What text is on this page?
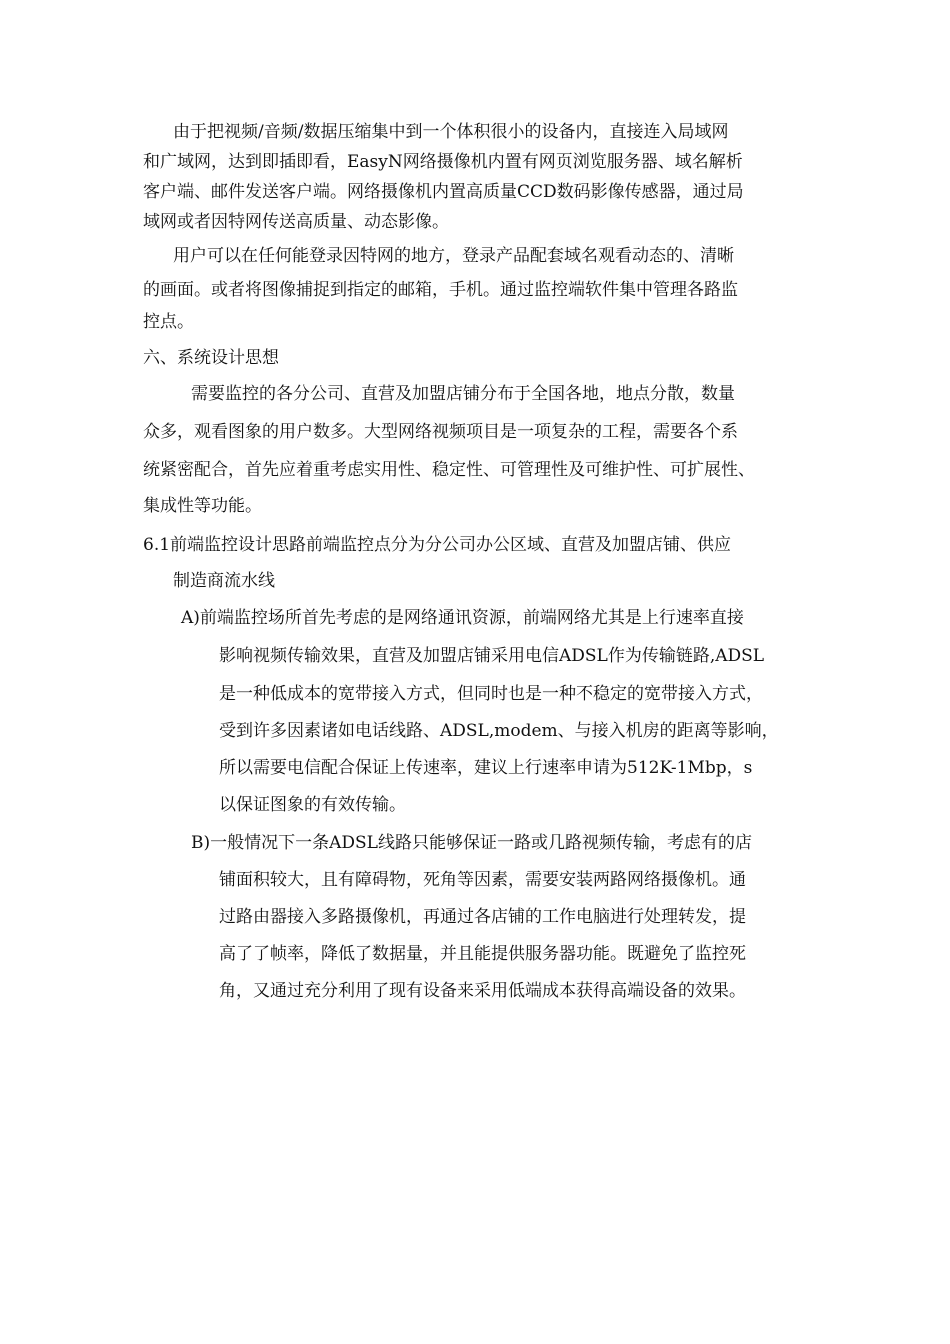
由于把视频/音频/数据压缩集中到一个体积很小的设备内，直接连入局域网
和广域网，达到即插即看，EasyN网络摄像机内置有网页浏览服务器、域名解析
客户端、邮件发送客户端。网络摄像机内置高质量CCD数码影像传感器，通过局
域网或者因特网传送高质量、动态影像。
用户可以在任何能登录因特网的地方，登录产品配套域名观看动态的、清晰
的画面。或者将图像捕捉到指定的邮箱，手机。通过监控端软件集中管理各路监
控点。
六、系统设计思想
需要监控的各分公司、直营及加盟店铺分布于全国各地，地点分散，数量
众多，观看图象的用户数多。大型网络视频项目是一项复杂的工程，需要各个系
统紧密配合，首先应着重考虑实用性、稳定性、可管理性及可维护性、可扩展性、
集成性等功能。
6.1前端监控设计思路前端监控点分为分公司办公区域、直营及加盟店铺、供应
制造商流水线
A)前端监控场所首先考虑的是网络通讯资源，前端网络尤其是上行速率直接
影响视频传输效果，直营及加盟店铺采用电信ADSL作为传输链路,ADSL
是一种低成本的宽带接入方式，但同时也是一种不稳定的宽带接入方式，
受到许多因素诸如电话线路、ADSL,modem、与接入机房的距离等影响，
所以需要电信配合保证上传速率，建议上行速率申请为512K-1Mbp，s
以保证图象的有效传输。
B)一般情况下一条ADSL线路只能够保证一路或几路视频传输，考虑有的店
铺面积较大，且有障碍物，死角等因素，需要安装两路网络摄像机。通
过路由器接入多路摄像机，再通过各店铺的工作电脑进行处理转发，提
高了了帧率，降低了数据量，并且能提供服务器功能。既避免了监控死
角，又通过充分利用了现有设备来采用低端成本获得高端设备的效果。
